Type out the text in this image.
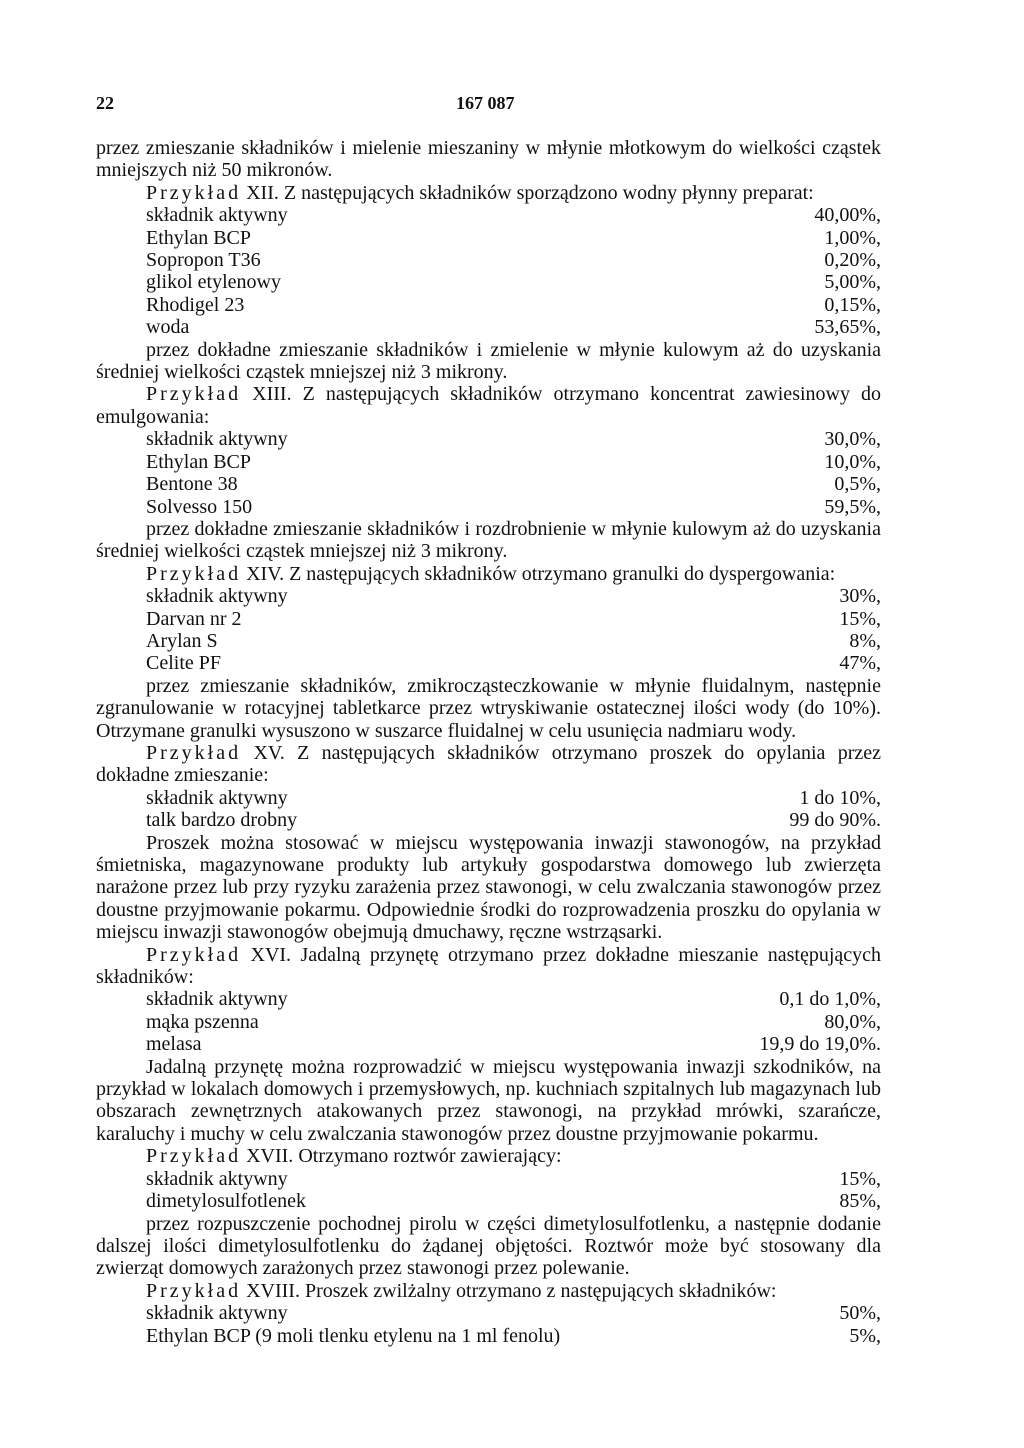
22	167 087

przez zmieszanie składników i mielenie mieszaniny w młynie młotkowym do wielkości cząstek mniejszych niż 50 mikronów.

Przykład XII. Z następujących składników sporządzono wodny płynny preparat:

składnik aktywny	40,00%,
Ethylan BCP	1,00%,
Sopropon T36	0,20%,
glikol etylenowy	5,00%,
Rhodigel 23	0,15%,
woda	53,65%,

przez dokładne zmieszanie składników i zmielenie w młynie kulowym aż do uzyskania średniej wielkości cząstek mniejszej niż 3 mikrony.

Przykład XIII. Z następujących składników otrzymano koncentrat zawiesinowy do emulgowania:

składnik aktywny	30,0%,
Ethylan BCP	10,0%,
Bentone 38	0,5%,
Solvesso 150	59,5%,

przez dokładne zmieszanie składników i rozdrobnienie w młynie kulowym aż do uzyskania średniej wielkości cząstek mniejszej niż 3 mikrony.

Przykład XIV. Z następujących składników otrzymano granulki do dyspergowania:

składnik aktywny	30%,
Darvan nr 2	15%,
Arylan S	8%,
Celite PF	47%,

przez zmieszanie składników, zmikrocząsteczkowanie w młynie fluidalnym, następnie zgranulowanie w rotacyjnej tabletkarce przez wtryskiwanie ostatecznej ilości wody (do 10%). Otrzymane granulki wysuszono w suszarce fluidalnej w celu usunięcia nadmiaru wody.

Przykład XV. Z następujących składników otrzymano proszek do opylania przez dokładne zmieszanie:

składnik aktywny	1 do 10%,
talk bardzo drobny	99 do 90%.

Proszek można stosować w miejscu występowania inwazji stawonogów, na przykład śmietniska, magazynowane produkty lub artykuły gospodarstwa domowego lub zwierzęta narażone przez lub przy ryzyku zarażenia przez stawonogi, w celu zwalczania stawonogów przez doustne przyjmowanie pokarmu. Odpowiednie środki do rozprowadzenia proszku do opylania w miejscu inwazji stawonogów obejmują dmuchawy, ręczne wstrząsarki.

Przykład XVI. Jadalną przynętę otrzymano przez dokładne mieszanie następujących składników:

składnik aktywny	0,1 do 1,0%,
mąka pszenna	80,0%,
melasa	19,9 do 19,0%.

Jadalną przynętę można rozprowadzić w miejscu występowania inwazji szkodników, na przykład w lokalach domowych i przemysłowych, np. kuchniach szpitalnych lub magazynach lub obszarach zewnętrznych atakowanych przez stawonogi, na przykład mrówki, szarańcze, karaluchy i muchy w celu zwalczania stawonogów przez doustne przyjmowanie pokarmu.

Przykład XVII. Otrzymano roztwór zawierający:

składnik aktywny	15%,
dimetylosulfotlenek	85%,

przez rozpuszczenie pochodnej pirolu w części dimetylosulfotlenku, a następnie dodanie dalszej ilości dimetylosulfotlenku do żądanej objętości. Roztwór może być stosowany dla zwierząt domowych zarażonych przez stawonogi przez polewanie.

Przykład XVIII. Proszek zwilżalny otrzymano z następujących składników:

składnik aktywny	50%,
Ethylan BCP (9 moli tlenku etylenu na 1 ml fenolu)	5%,
